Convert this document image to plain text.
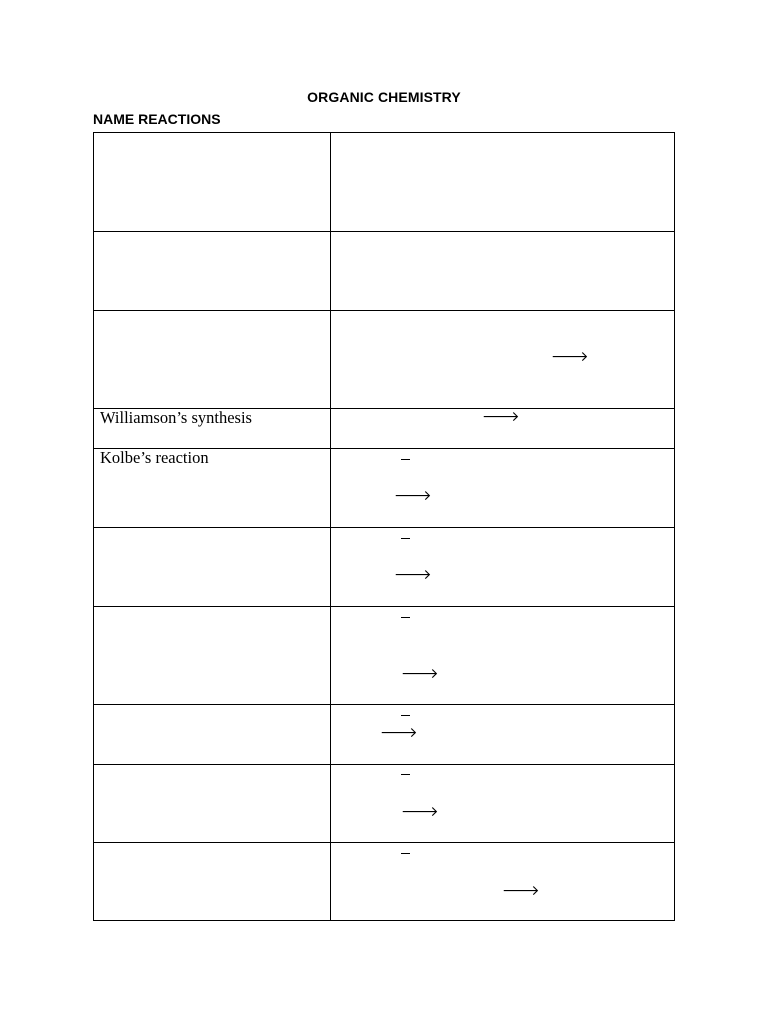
ORGANIC CHEMISTRY
NAME REACTIONS
🡒
Williamson’s synthesis	🡒
Kolbe’s reaction
🡒
🡒
🡒
🡒
🡒
🡒
